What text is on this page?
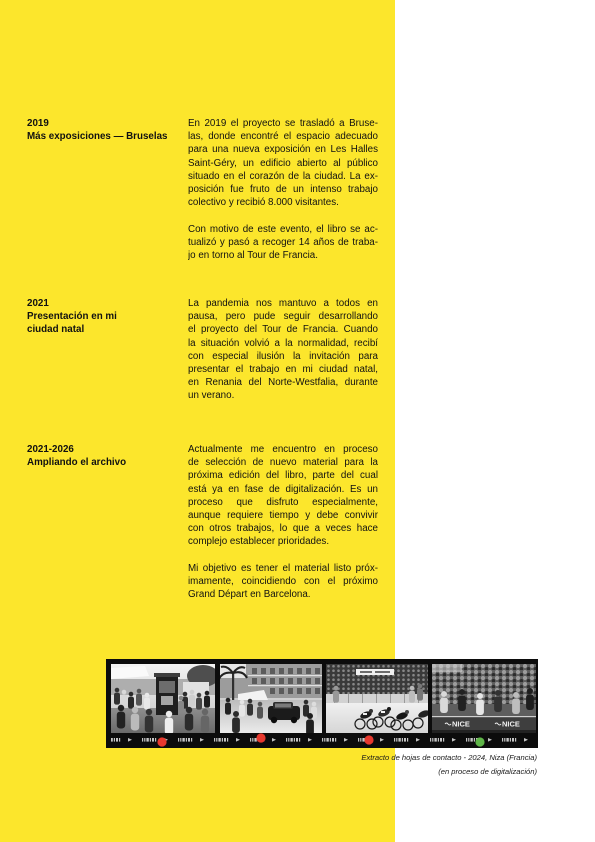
2019
Más exposiciones — Bruselas
En 2019 el proyecto se trasladó a Bruse-
las, donde encontré el espacio adecuado
para una nueva exposición en Les Halles
Saint-Géry, un edificio abierto al público
situado en el corazón de la ciudad. La ex-
posición fue fruto de un intenso trabajo
colectivo y recibió 8.000 visitantes.
Con motivo de este evento, el libro se ac-
tualizó y pasó a recoger 14 años de traba-
jo en torno al Tour de Francia.
2021
Presentación en mi
ciudad natal
La pandemia nos mantuvo a todos en
pausa, pero pude seguir desarrollando
el proyecto del Tour de Francia. Cuando
la situación volvió a la normalidad, recibí
con especial ilusión la invitación para
presentar el trabajo en mi ciudad natal,
en Renania del Norte-Westfalia, durante
un verano.
2021-2026
Ampliando el archivo
Actualmente me encuentro en proceso
de selección de nuevo material para la
próxima edición del libro, parte del cual
está ya en fase de digitalización. Es un
proceso que disfruto especialmente,
aunque requiere tiempo y debe convivir
con otros trabajos, lo que a veces hace
complejo establecer prioridades.
Mi objetivo es tener el material listo próx-
imamente, coincidiendo con el próximo
Grand Départ en Barcelona.
NICE	NICE
Extracto de hojas de contacto - 2024, Niza (Francia)
(en proceso de digitalización)
